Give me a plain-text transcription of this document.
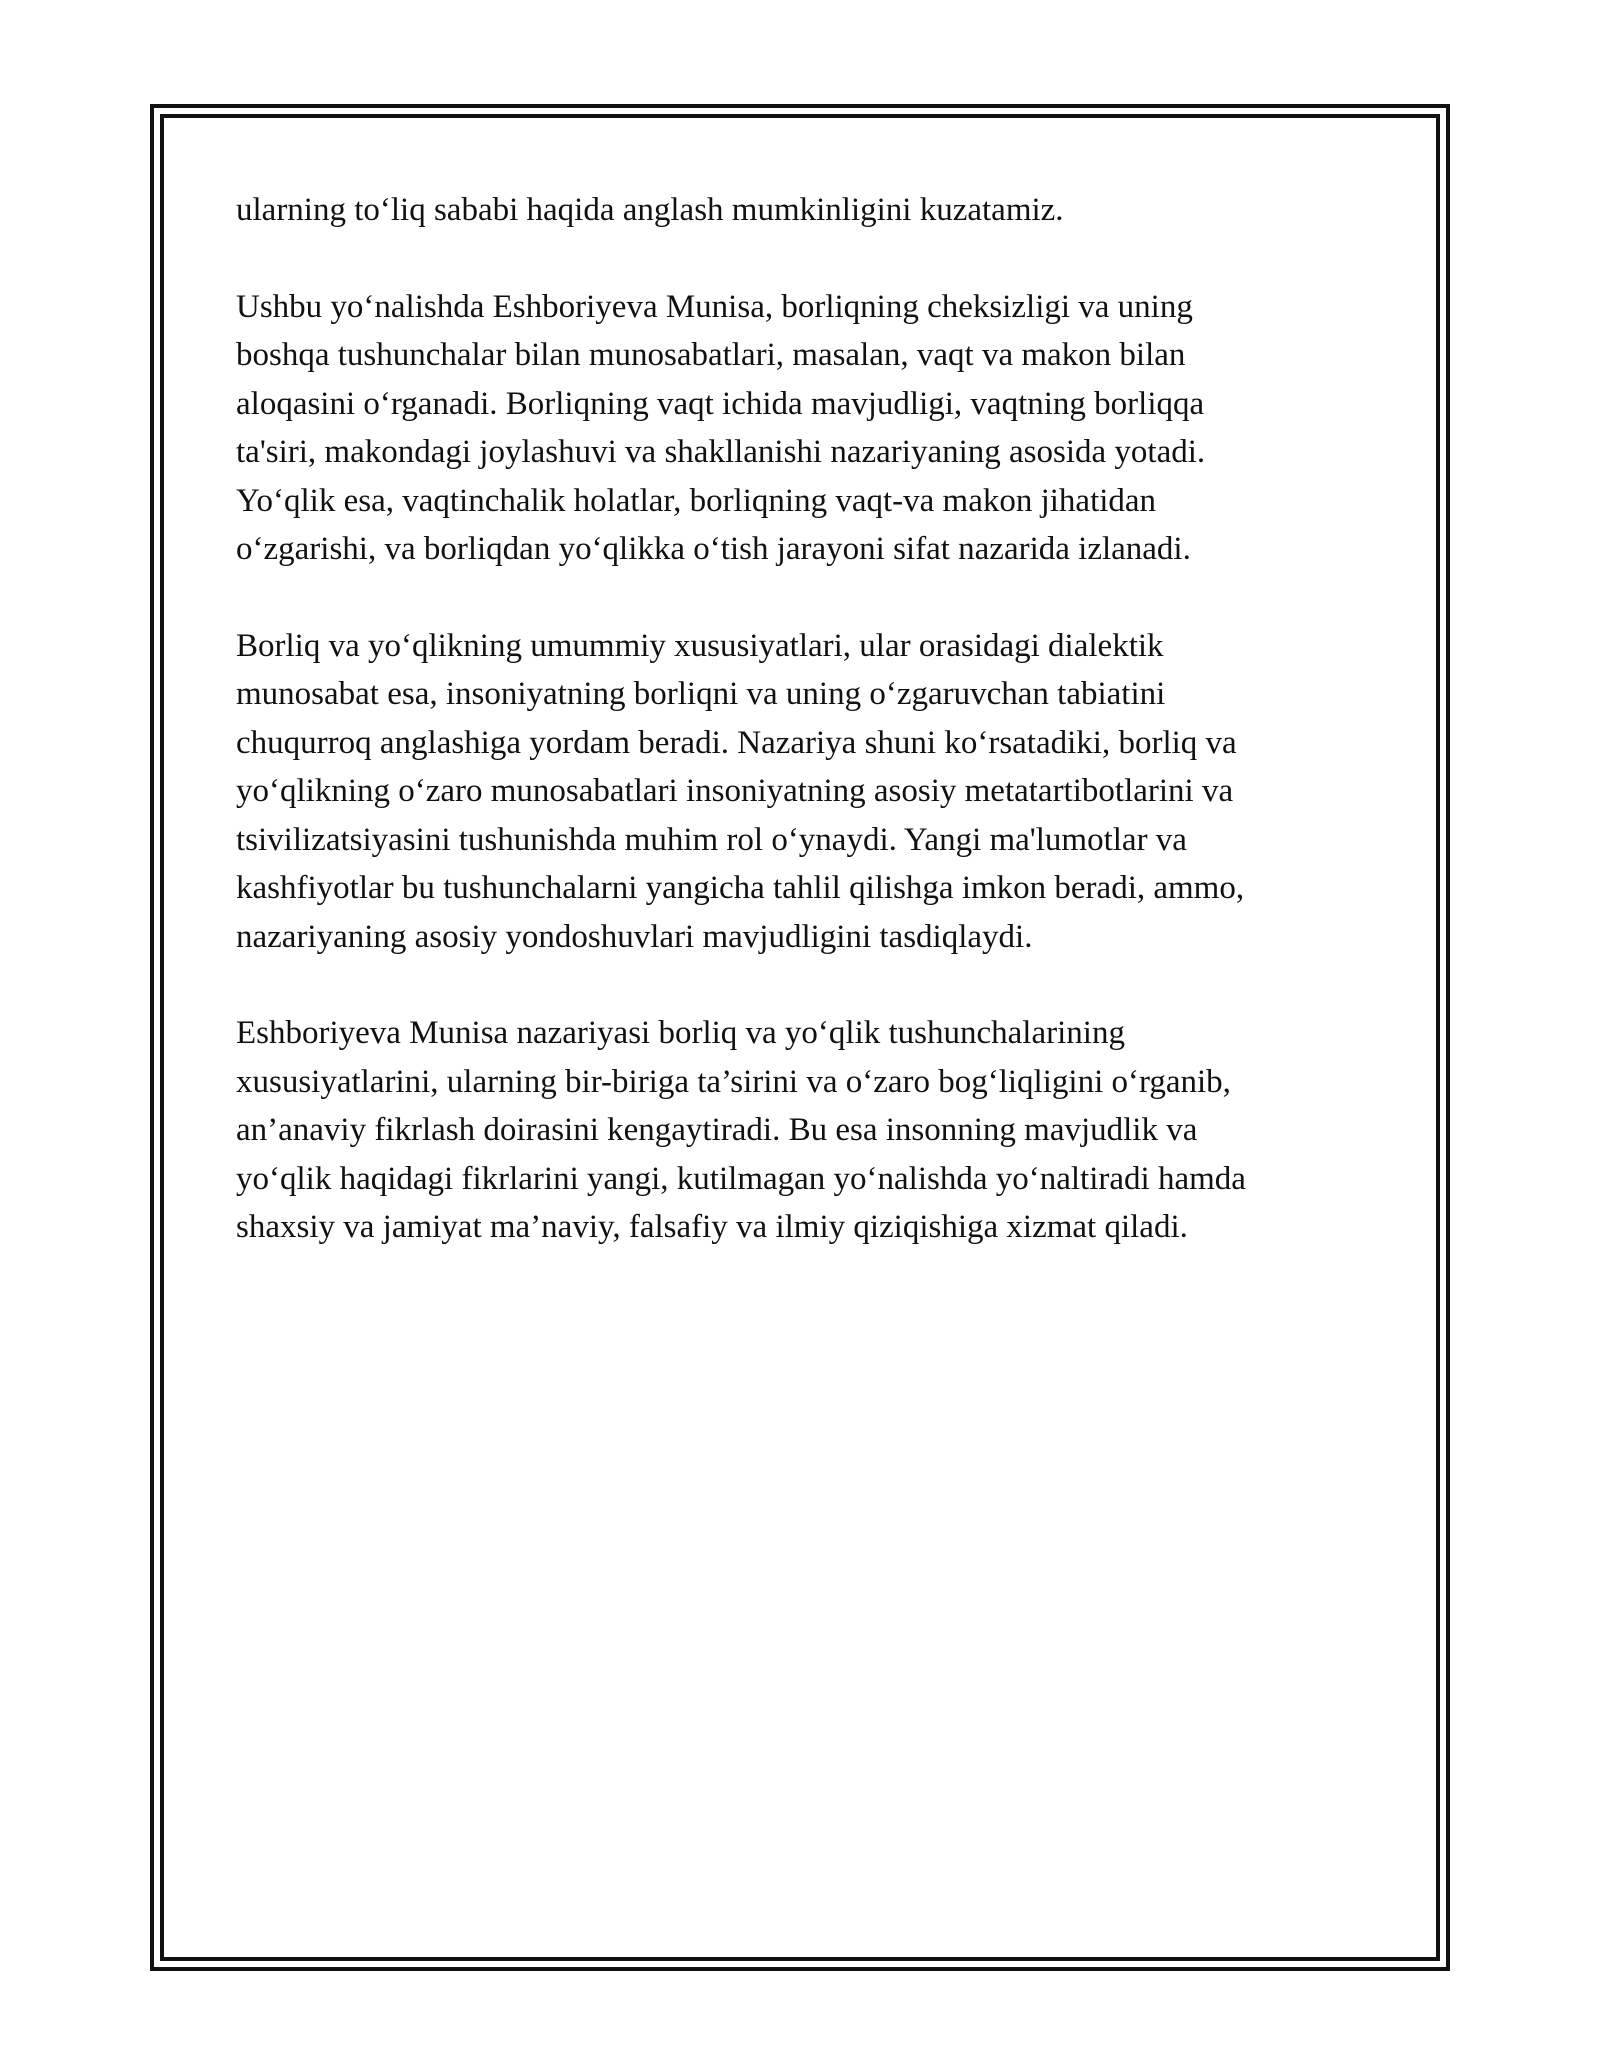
ularning to‘liq sababi haqida anglash mumkinligini kuzatamiz.

Ushbu yo‘nalishda Eshboriyeva Munisa, borliqning cheksizligi va uning
boshqa tushunchalar bilan munosabatlari, masalan, vaqt va makon bilan
aloqasini o‘rganadi. Borliqning vaqt ichida mavjudligi, vaqtning borliqqa
ta'siri, makondagi joylashuvi va shakllanishi nazariyaning asosida yotadi.
Yo‘qlik esa, vaqtinchalik holatlar, borliqning vaqt-va makon jihatidan
o‘zgarishi, va borliqdan yo‘qlikka o‘tish jarayoni sifat nazarida izlanadi.

Borliq va yo‘qlikning umummiy xususiyatlari, ular orasidagi dialektik
munosabat esa, insoniyatning borliqni va uning o‘zgaruvchan tabiatini
chuqurroq anglashiga yordam beradi. Nazariya shuni ko‘rsatadiki, borliq va
yo‘qlikning o‘zaro munosabatlari insoniyatning asosiy metatartibotlarini va
tsivilizatsiyasini tushunishda muhim rol o‘ynaydi. Yangi ma'lumotlar va
kashfiyotlar bu tushunchalarni yangicha tahlil qilishga imkon beradi, ammo,
nazariyaning asosiy yondoshuvlari mavjudligini tasdiqlaydi.

Eshboriyeva Munisa nazariyasi borliq va yo‘qlik tushunchalarining
xususiyatlarini, ularning bir-biriga ta’sirini va o‘zaro bog‘liqligini o‘rganib,
an’anaviy fikrlash doirasini kengaytiradi. Bu esa insonning mavjudlik va
yo‘qlik haqidagi fikrlarini yangi, kutilmagan yo‘nalishda yo‘naltiradi hamda
shaxsiy va jamiyat ma’naviy, falsafiy va ilmiy qiziqishiga xizmat qiladi.
